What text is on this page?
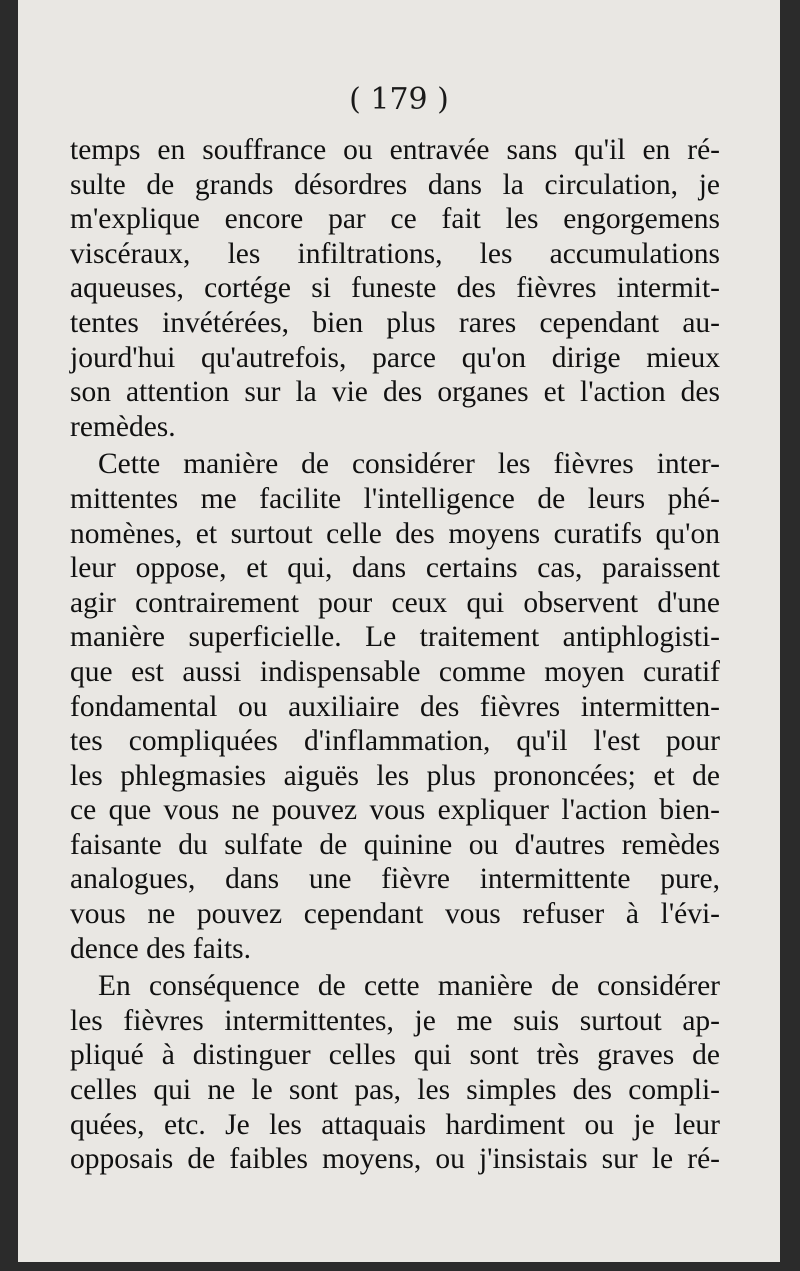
( 179 )
temps en souffrance ou entravée sans qu'il en ré-
sulte de grands désordres dans la circulation, je
m'explique encore par ce fait les engorgemens
viscéraux, les infiltrations, les accumulations
aqueuses, cortége si funeste des fièvres intermit-
tentes invétérées, bien plus rares cependant au-
jourd'hui qu'autrefois, parce qu'on dirige mieux
son attention sur la vie des organes et l'action des
remèdes.
Cette manière de considérer les fièvres inter-
mittentes me facilite l'intelligence de leurs phé-
nomènes, et surtout celle des moyens curatifs qu'on
leur oppose, et qui, dans certains cas, paraissent
agir contrairement pour ceux qui observent d'une
manière superficielle. Le traitement antiphlogisti-
que est aussi indispensable comme moyen curatif
fondamental ou auxiliaire des fièvres intermitten-
tes compliquées d'inflammation, qu'il l'est pour
les phlegmasies aiguës les plus prononcées; et de
ce que vous ne pouvez vous expliquer l'action bien-
faisante du sulfate de quinine ou d'autres remèdes
analogues, dans une fièvre intermittente pure,
vous ne pouvez cependant vous refuser à l'évi-
dence des faits.
En conséquence de cette manière de considérer
les fièvres intermittentes, je me suis surtout ap-
pliqué à distinguer celles qui sont très graves de
celles qui ne le sont pas, les simples des compli-
quées, etc. Je les attaquais hardiment ou je leur
opposais de faibles moyens, ou j'insistais sur le ré-
